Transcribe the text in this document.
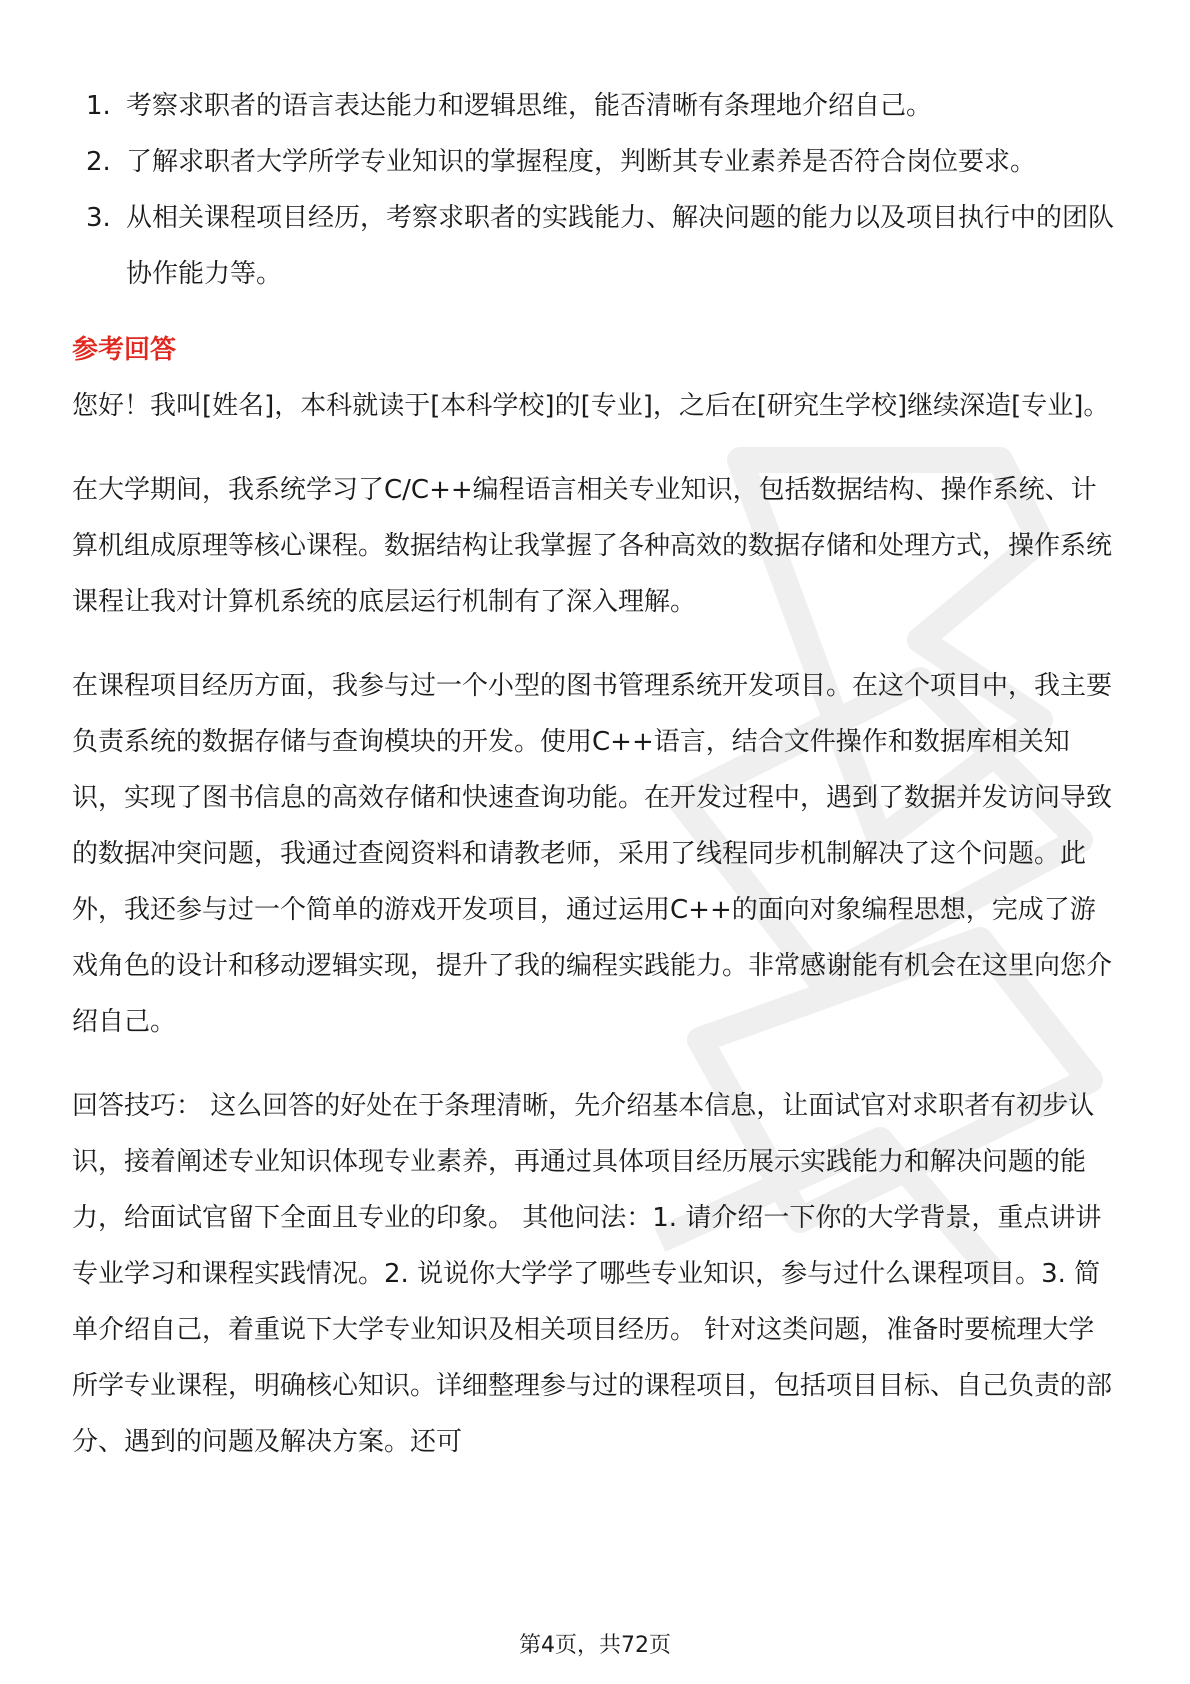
1. 考察求职者的语言表达能力和逻辑思维，能否清晰有条理地介绍自己。
2. 了解求职者大学所学专业知识的掌握程度，判断其专业素养是否符合岗位要求。
3. 从相关课程项目经历，考察求职者的实践能力、解决问题的能力以及项目执行中的团队协作能力等。
参考回答

您好！我叫[姓名]，本科就读于[本科学校]的[专业]，之后在[研究生学校]继续深造[专业]。

在大学期间，我系统学习了C/C++编程语言相关专业知识，包括数据结构、操作系统、计算机组成原理等核心课程。数据结构让我掌握了各种高效的数据存储和处理方式，操作系统课程让我对计算机系统的底层运行机制有了深入理解。

在课程项目经历方面，我参与过一个小型的图书管理系统开发项目。在这个项目中，我主要负责系统的数据存储与查询模块的开发。使用C++语言，结合文件操作和数据库相关知识，实现了图书信息的高效存储和快速查询功能。在开发过程中，遇到了数据并发访问导致的数据冲突问题，我通过查阅资料和请教老师，采用了线程同步机制解决了这个问题。此外，我还参与过一个简单的游戏开发项目，通过运用C++的面向对象编程思想，完成了游戏角色的设计和移动逻辑实现，提升了我的编程实践能力。非常感谢能有机会在这里向您介绍自己。

回答技巧： 这么回答的好处在于条理清晰，先介绍基本信息，让面试官对求职者有初步认识，接着阐述专业知识体现专业素养，再通过具体项目经历展示实践能力和解决问题的能力，给面试官留下全面且专业的印象。 其他问法：1. 请介绍一下你的大学背景，重点讲讲专业学习和课程实践情况。2. 说说你大学学了哪些专业知识，参与过什么课程项目。3. 简单介绍自己，着重说下大学专业知识及相关项目经历。 针对这类问题，准备时要梳理大学所学专业课程，明确核心知识。详细整理参与过的课程项目，包括项目目标、自己负责的部分、遇到的问题及解决方案。还可

第4页，共72页
